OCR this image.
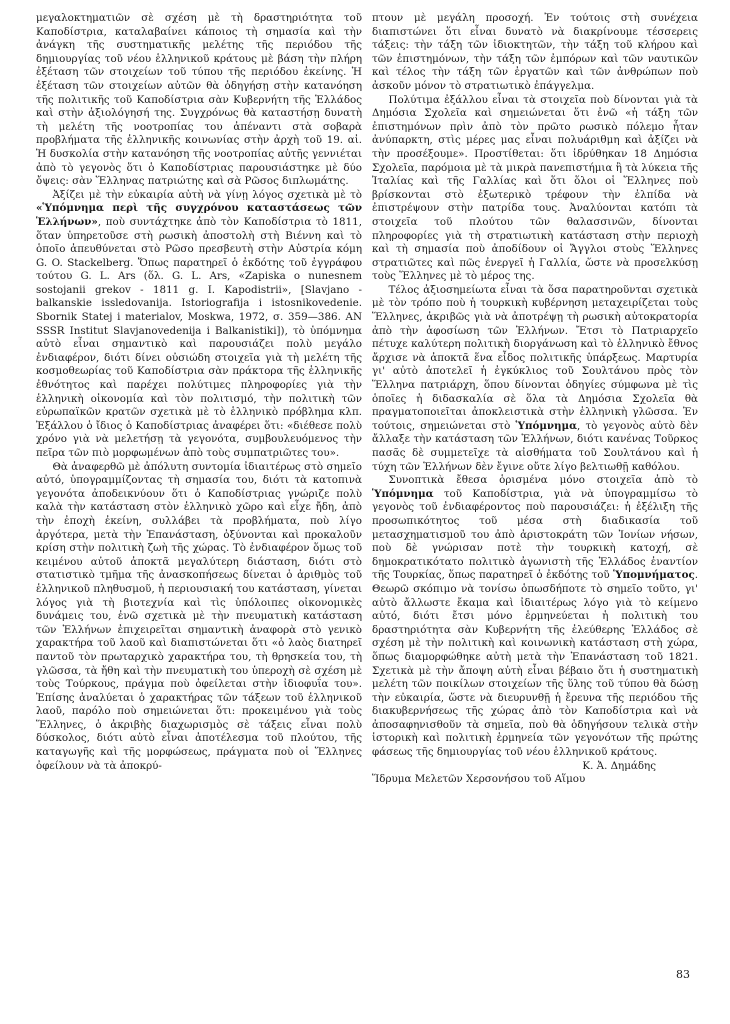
μεγαλοκτηματιῶν σὲ σχέση μὲ τὴ δραστηριότητα τοῦ Καποδίστρια, καταλαβαίνει κάποιος τὴ σημασία καὶ τὴν ἀνάγκη τῆς συστηματικῆς μελέτης τῆς περιόδου τῆς δημιουργίας τοῦ νέου ἑλληνικοῦ κράτους μὲ βάση τὴν πλήρη ἐξέταση τῶν στοιχείων τοῦ τύπου τῆς περιόδου ἐκείνης. Ἡ ἐξέταση τῶν στοιχείων αὐτῶν θὰ ὁδηγήσῃ στὴν κατανόηση τῆς πολιτικῆς τοῦ Καποδίστρια σὰν Κυβερνήτη τῆς Ἑλλάδος καὶ στὴν ἀξιολόγησή της. Συγχρόνως θὰ καταστήσῃ δυνατὴ τὴ μελέτη τῆς νοοτροπίας του ἀπέναντι στὰ σοβαρὰ προβλήματα τῆς ἑλληνικῆς κοινωνίας στὴν ἀρχὴ τοῦ 19. αἰ. Ἡ δυσκολία στὴν κατανόηση τῆς νοοτροπίας αὐτῆς γεννιέται ἀπὸ τὸ γεγονὸς ὅτι ὁ Καποδίστριας παρουσιάστηκε μὲ δύο ὄψεις: σὰν Ἕλληνας πατριώτης καὶ σὰ Ρῶσος διπλωμάτης.

Ἀξίζει μὲ τὴν εὐκαιρία αὐτὴ νὰ γίνῃ λόγος σχετικὰ μὲ τὸ «Ὑπόμνημα περὶ τῆς συγχρόνου καταστάσεως τῶν Ἑλλήνων», ποὺ συντάχτηκε ἀπὸ τὸν Καποδίστρια τὸ 1811, ὅταν ὑπηρετοῦσε στὴ ρωσικὴ ἀποστολὴ στὴ Βιέννη καὶ τὸ ὁποῖο ἀπευθύνεται στὸ Ρῶσο πρεσβευτὴ στὴν Αὐστρία κόμη G. O. Stackelberg. Ὅπως παρατηρεῖ ὁ ἐκδότης τοῦ ἐγγράφου τούτου G. L. Ars (ὅλ. G. L. Ars, «Zapiska o nunesnem sostojanii grekov - 1811 g. I. Kapodistrii», [Slavjano - balkanskie issledovanija. Istoriografija i istosnikovedenie. Sbornik Statej i materialov, Moskwa, 1972, σ. 359—386. AN SSSR Institut Slavjanovedenija i Balkanistiki]), τὸ ὑπόμνημα αὐτὸ εἶναι σημαντικὸ καὶ παρουσιάζει πολὺ μεγάλο ἐνδιαφέρον, διότι δίνει οὐσιώδη στοιχεῖα γιὰ τὴ μελέτη τῆς κοσμοθεωρίας τοῦ Καποδίστρια σὰν πράκτορα τῆς ἑλληνικῆς ἐθνότητος καὶ παρέχει πολύτιμες πληροφορίες γιὰ τὴν ἑλληνικὴ οἰκονομία καὶ τὸν πολιτισμό, τὴν πολιτικὴ τῶν εὐρωπαϊκῶν κρατῶν σχετικὰ μὲ τὸ ἑλληνικὸ πρόβλημα κλπ. Ἐξάλλου ὁ ἴδιος ὁ Καποδίστριας ἀναφέρει ὅτι: «διέθεσε πολὺ χρόνο γιὰ νὰ μελετήσῃ τὰ γεγονότα, συμβουλευόμενος τὴν πεῖρα τῶν πιὸ μορφωμένων ἀπὸ τοὺς συμπατριῶτες του».

Θὰ ἀναφερθῶ μὲ ἀπόλυτη συντομία ἰδιαιτέρως στὸ σημεῖο αὐτό, ὑπογραμμίζοντας τὴ σημασία του, διότι τὰ κατοπινὰ γεγονότα ἀποδεικνύουν ὅτι ὁ Καποδίστριας γνώριζε πολὺ καλὰ τὴν κατάσταση στὸν ἑλληνικὸ χῶρο καὶ εἶχε ἤδη, ἀπὸ τὴν ἐποχὴ ἐκείνη, συλλάβει τὰ προβλήματα, ποὺ λίγο ἀργότερα, μετὰ τὴν Ἐπανάσταση, ὀξύνονται καὶ προκαλοῦν κρίση στὴν πολιτικὴ ζωὴ τῆς χώρας. Τὸ ἐνδιαφέρον ὅμως τοῦ κειμένου αὐτοῦ ἀποκτᾶ μεγαλύτερη διάσταση, διότι στὸ στατιστικὸ τμῆμα τῆς ἀνασκοπήσεως δίνεται ὁ ἀριθμὸς τοῦ ἑλληνικοῦ πληθυσμοῦ, ἡ περιουσιακή του κατάσταση, γίνεται λόγος γιὰ τὴ βιοτεχνία καὶ τὶς ὑπόλοιπες οἰκονομικὲς δυνάμεις του, ἐνῶ σχετικὰ μὲ τὴν πνευματικὴ κατάσταση τῶν Ἑλλήνων ἐπιχειρεῖται σημαντικὴ ἀναφορὰ στὸ γενικὸ χαρακτήρα τοῦ λαοῦ καὶ διαπιστώνεται ὅτι «ὁ λαὸς διατηρεῖ παντοῦ τὸν πρωταρχικὸ χαρακτήρα του, τὴ θρησκεία του, τὴ γλῶσσα, τὰ ἤθη καὶ τὴν πνευματικὴ του ὑπεροχὴ σὲ σχέση μὲ τοὺς Τούρκους, πράγμα ποὺ ὀφείλεται στὴν ἰδιοφυΐα του». Ἐπίσης ἀναλύεται ὁ χαρακτήρας τῶν τάξεων τοῦ ἑλληνικοῦ λαοῦ, παρόλο ποὺ σημειώνεται ὅτι: προκειμένου γιὰ τοὺς Ἕλληνες, ὁ ἀκριβὴς διαχωρισμὸς σὲ τάξεις εἶναι πολὺ δύσκολος, διότι αὐτὸ εἶναι ἀποτέλεσμα τοῦ πλούτου, τῆς καταγωγῆς καὶ τῆς μορφώσεως, πράγματα ποὺ οἱ Ἕλληνες ὀφείλουν νὰ τὰ ἀποκρύ-

πτουν μὲ μεγάλη προσοχή. Ἐν τούτοις στὴ συνέχεια διαπιστώνει ὅτι εἶναι δυνατὸ νὰ διακρίνουμε τέσσερεις τάξεις: τὴν τάξη τῶν ἰδιοκτητῶν, τὴν τάξη τοῦ κλήρου καὶ τῶν ἐπιστημόνων, τὴν τάξη τῶν ἐμπόρων καὶ τῶν ναυτικῶν καὶ τέλος τὴν τάξη τῶν ἐργατῶν καὶ τῶν ἀνθρώπων ποὺ ἀσκοῦν μόνον τὸ στρατιωτικὸ ἐπάγγελμα.

Πολύτιμα ἐξάλλου εἶναι τὰ στοιχεῖα ποὺ δίνονται γιὰ τὰ Δημόσια Σχολεῖα καὶ σημειώνεται ὅτι ἐνῶ «ἡ τάξη τῶν ἐπιστημόνων πρὶν ἀπὸ τὸν πρῶτο ρωσικὸ πόλεμο ἦταν ἀνύπαρκτη, στὶς μέρες μας εἶναι πολυάριθμη καὶ ἀξίζει νὰ τὴν προσέξουμε». Προστίθεται: ὅτι ἱδρύθηκαν 18 Δημόσια Σχολεῖα, παρόμοια μὲ τὰ μικρὰ πανεπιστήμια ἢ τὰ λύκεια τῆς Ἰταλίας καὶ τῆς Γαλλίας καὶ ὅτι ὅλοι οἱ Ἕλληνες ποὺ βρίσκονται στὸ ἐξωτερικὸ τρέφουν τὴν ἐλπίδα νὰ ἐπιστρέψουν στὴν πατρίδα τους. Ἀναλύονται κατόπι τὰ στοιχεῖα τοῦ πλούτου τῶν θαλασσινῶν, δίνονται πληροφορίες γιὰ τὴ στρατιωτικὴ κατάσταση στὴν περιοχὴ καὶ τὴ σημασία ποὺ ἀποδίδουν οἱ Ἄγγλοι στοὺς Ἕλληνες στρατιῶτες καὶ πῶς ἐνεργεῖ ἡ Γαλλία, ὥστε νὰ προσελκύσῃ τοὺς Ἕλληνες μὲ τὸ μέρος της.

Τέλος ἀξιοσημείωτα εἶναι τὰ ὅσα παρατηροῦνται σχετικὰ μὲ τὸν τρόπο ποὺ ἡ τουρκικὴ κυβέρνηση μεταχειρίζεται τοὺς Ἕλληνες, ἀκριβῶς γιὰ νὰ ἀποτρέψῃ τὴ ρωσικὴ αὐτοκρατορία ἀπὸ τὴν ἀφοσίωση τῶν Ἑλλήνων. Ἔτσι τὸ Πατριαρχεῖο πέτυχε καλύτερη πολιτικὴ διοργάνωση καὶ τὸ ἑλληνικὸ ἔθνος ἄρχισε νὰ ἀποκτᾶ ἕνα εἶδος πολιτικῆς ὑπάρξεως. Μαρτυρία γι' αὐτὸ ἀποτελεῖ ἡ ἐγκύκλιος τοῦ Σουλτάνου πρὸς τὸν Ἕλληνα πατριάρχη, ὅπου δίνονται ὁδηγίες σύμφωνα μὲ τὶς ὁποῖες ἡ διδασκαλία σὲ ὅλα τὰ Δημόσια Σχολεῖα θὰ πραγματοποιεῖται ἀποκλειστικὰ στὴν ἑλληνικὴ γλῶσσα. Ἐν τούτοις, σημειώνεται στὸ Ὑπόμνημα, τὸ γεγονὸς αὐτὸ δὲν ἄλλαξε τὴν κατάσταση τῶν Ἑλλήνων, διότι κανένας Τοῦρκος πασᾶς δὲ συμμετεῖχε τὰ αἰσθήματα τοῦ Σουλτάνου καὶ ἡ τύχη τῶν Ἑλλήνων δὲν ἔγινε οὔτε λίγο βελτιωθῇ καθόλου.

Συνοπτικὰ ἔθεσα ὁρισμένα μόνο στοιχεῖα ἀπὸ τὸ Ὑπόμνημα τοῦ Καποδίστρια, γιὰ νὰ ὑπογραμμίσω τὸ γεγονὸς τοῦ ἐνδιαφέροντος ποὺ παρουσιάζει: ἡ ἐξέλιξη τῆς προσωπικότητος τοῦ μέσα στὴ διαδικασία τοῦ μετασχηματισμοῦ του ἀπὸ ἀριστοκράτη τῶν Ἰονίων νήσων, ποὺ δὲ γνώρισαν ποτὲ τὴν τουρκικὴ κατοχή, σὲ δημοκρατικότατο πολιτικὸ ἀγωνιστὴ τῆς Ἑλλάδος ἐναντίον τῆς Τουρκίας, ὅπως παρατηρεῖ ὁ ἐκδότης τοῦ Ὑπομνήματος. Θεωρῶ σκόπιμο νὰ τονίσω ὁπωσδήποτε τὸ σημεῖο τοῦτο, γι' αὐτὸ ἄλλωστε ἔκαμα καὶ ἰδιαιτέρως λόγο γιὰ τὸ κείμενο αὐτό, διότι ἔτσι μόνο ἑρμηνεύεται ἡ πολιτικὴ του δραστηριότητα σὰν Κυβερνήτη τῆς ἐλεύθερης Ἑλλάδος σὲ σχέση μὲ τὴν πολιτικὴ καὶ κοινωνικὴ κατάσταση στὴ χώρα, ὅπως διαμορφώθηκε αὐτὴ μετὰ τὴν Ἐπανάσταση τοῦ 1821. Σχετικὰ μὲ τὴν ἄποψη αὐτὴ εἶναι βέβαιο ὅτι ἡ συστηματικὴ μελέτη τῶν ποικίλων στοιχείων τῆς ὕλης τοῦ τύπου θὰ δώσῃ τὴν εὐκαιρία, ὥστε νὰ διευρυνθῇ ἡ ἔρευνα τῆς περιόδου τῆς διακυβερνήσεως τῆς χώρας ἀπὸ τὸν Καποδίστρια καὶ νὰ ἀποσαφηνισθοῦν τὰ σημεῖα, ποὺ θὰ ὁδηγήσουν τελικὰ στὴν ἱστορικὴ καὶ πολιτικὴ ἑρμηνεία τῶν γεγονότων τῆς πρώτης φάσεως τῆς δημιουργίας τοῦ νέου ἑλληνικοῦ κράτους.

Κ. Ἀ. Δημάδης

Ἵδρυμα Μελετῶν Χερσονήσου τοῦ Αἵμου

83
